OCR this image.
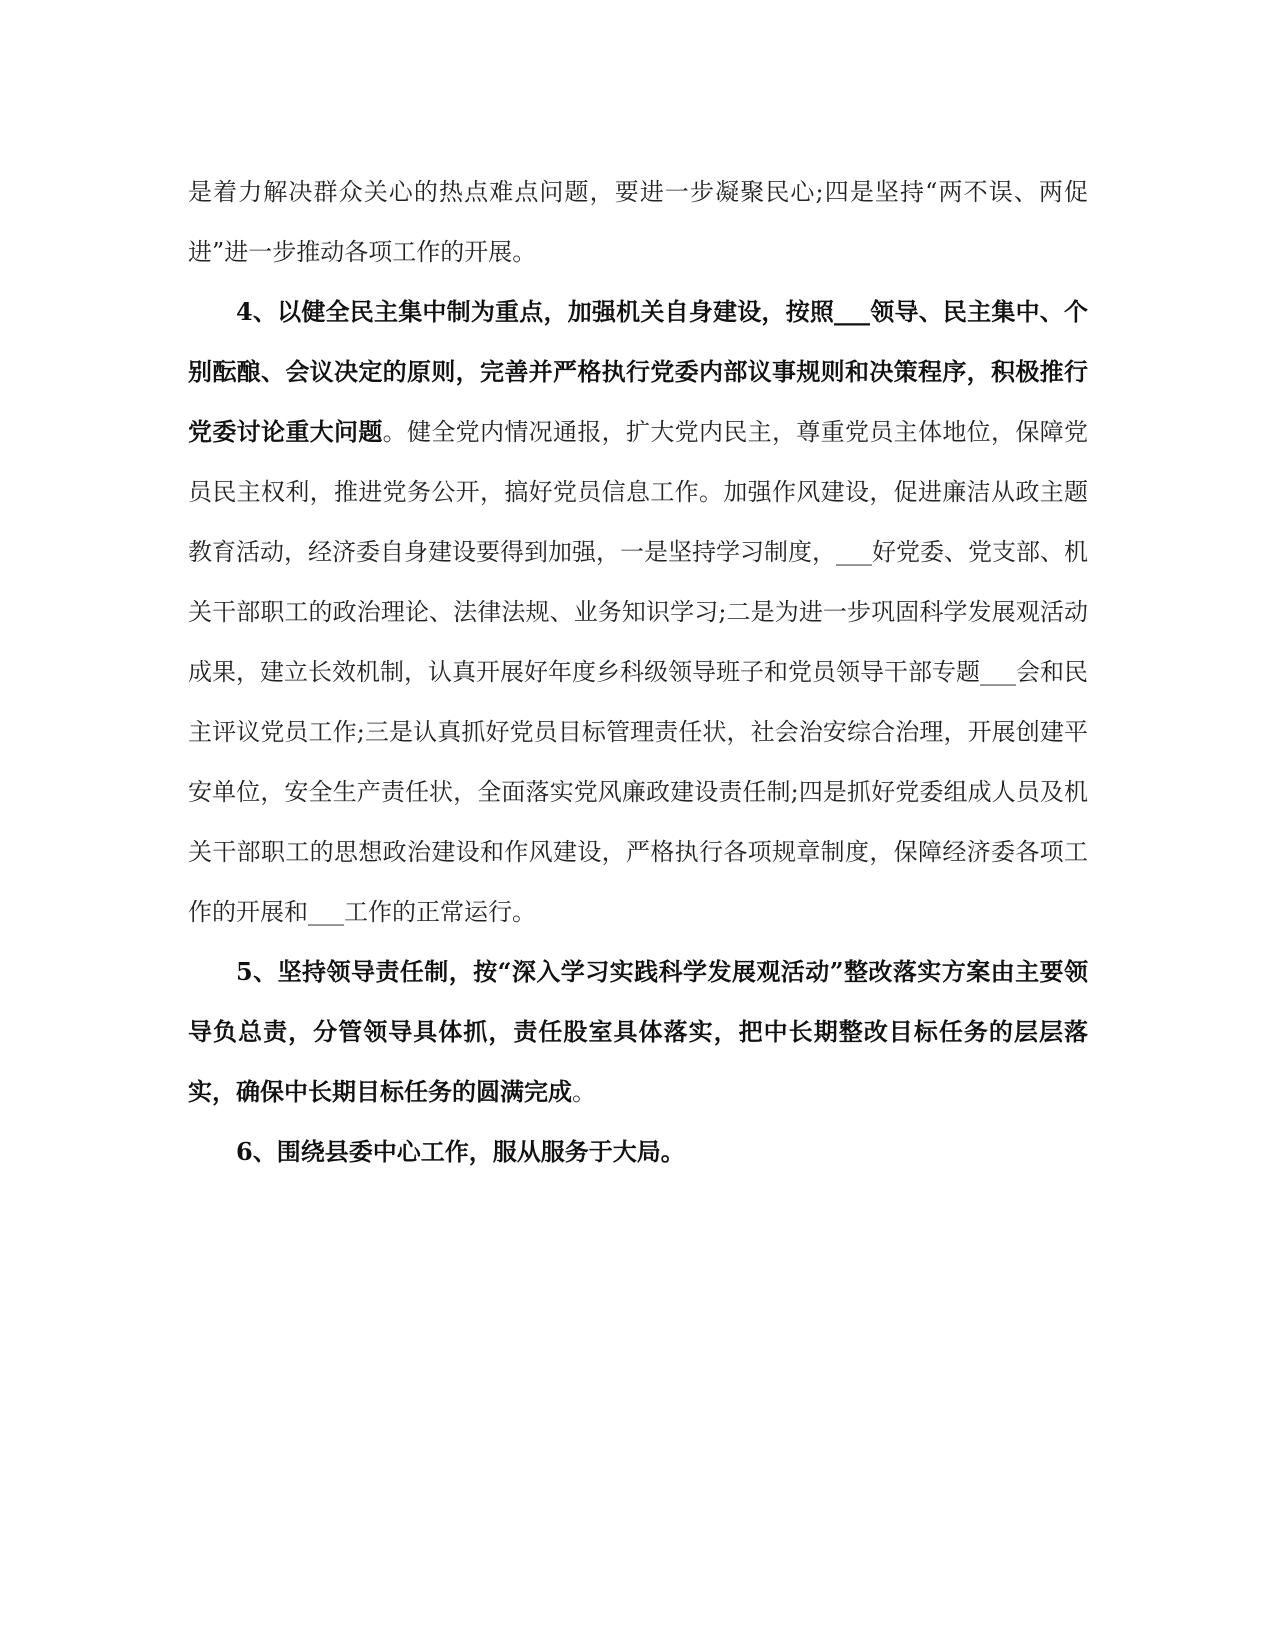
是着力解决群众关心的热点难点问题，要进一步凝聚民心;四是坚持“两不误、两促进”进一步推动各项工作的开展。

4、以健全民主集中制为重点，加强机关自身建设，按照___领导、民主集中、个别酝酿、会议决定的原则，完善并严格执行党委内部议事规则和决策程序，积极推行党委讨论重大问题。健全党内情况通报，扩大党内民主，尊重党员主体地位，保障党员民主权利，推进党务公开，搞好党员信息工作。加强作风建设，促进廉洁从政主题教育活动，经济委自身建设要得到加强，一是坚持学习制度，___好党委、党支部、机关干部职工的政治理论、法律法规、业务知识学习;二是为进一步巩固科学发展观活动成果，建立长效机制，认真开展好年度乡科级领导班子和党员领导干部专题___会和民主评议党员工作;三是认真抓好党员目标管理责任状，社会治安综合治理，开展创建平安单位，安全生产责任状，全面落实党风廉政建设责任制;四是抓好党委组成人员及机关干部职工的思想政治建设和作风建设，严格执行各项规章制度，保障经济委各项工作的开展和___工作的正常运行。

5、坚持领导责任制，按“深入学习实践科学发展观活动”整改落实方案由主要领导负总责，分管领导具体抓，责任股室具体落实，把中长期整改目标任务的层层落实，确保中长期目标任务的圆满完成。

6、围绕县委中心工作，服从服务于大局。
